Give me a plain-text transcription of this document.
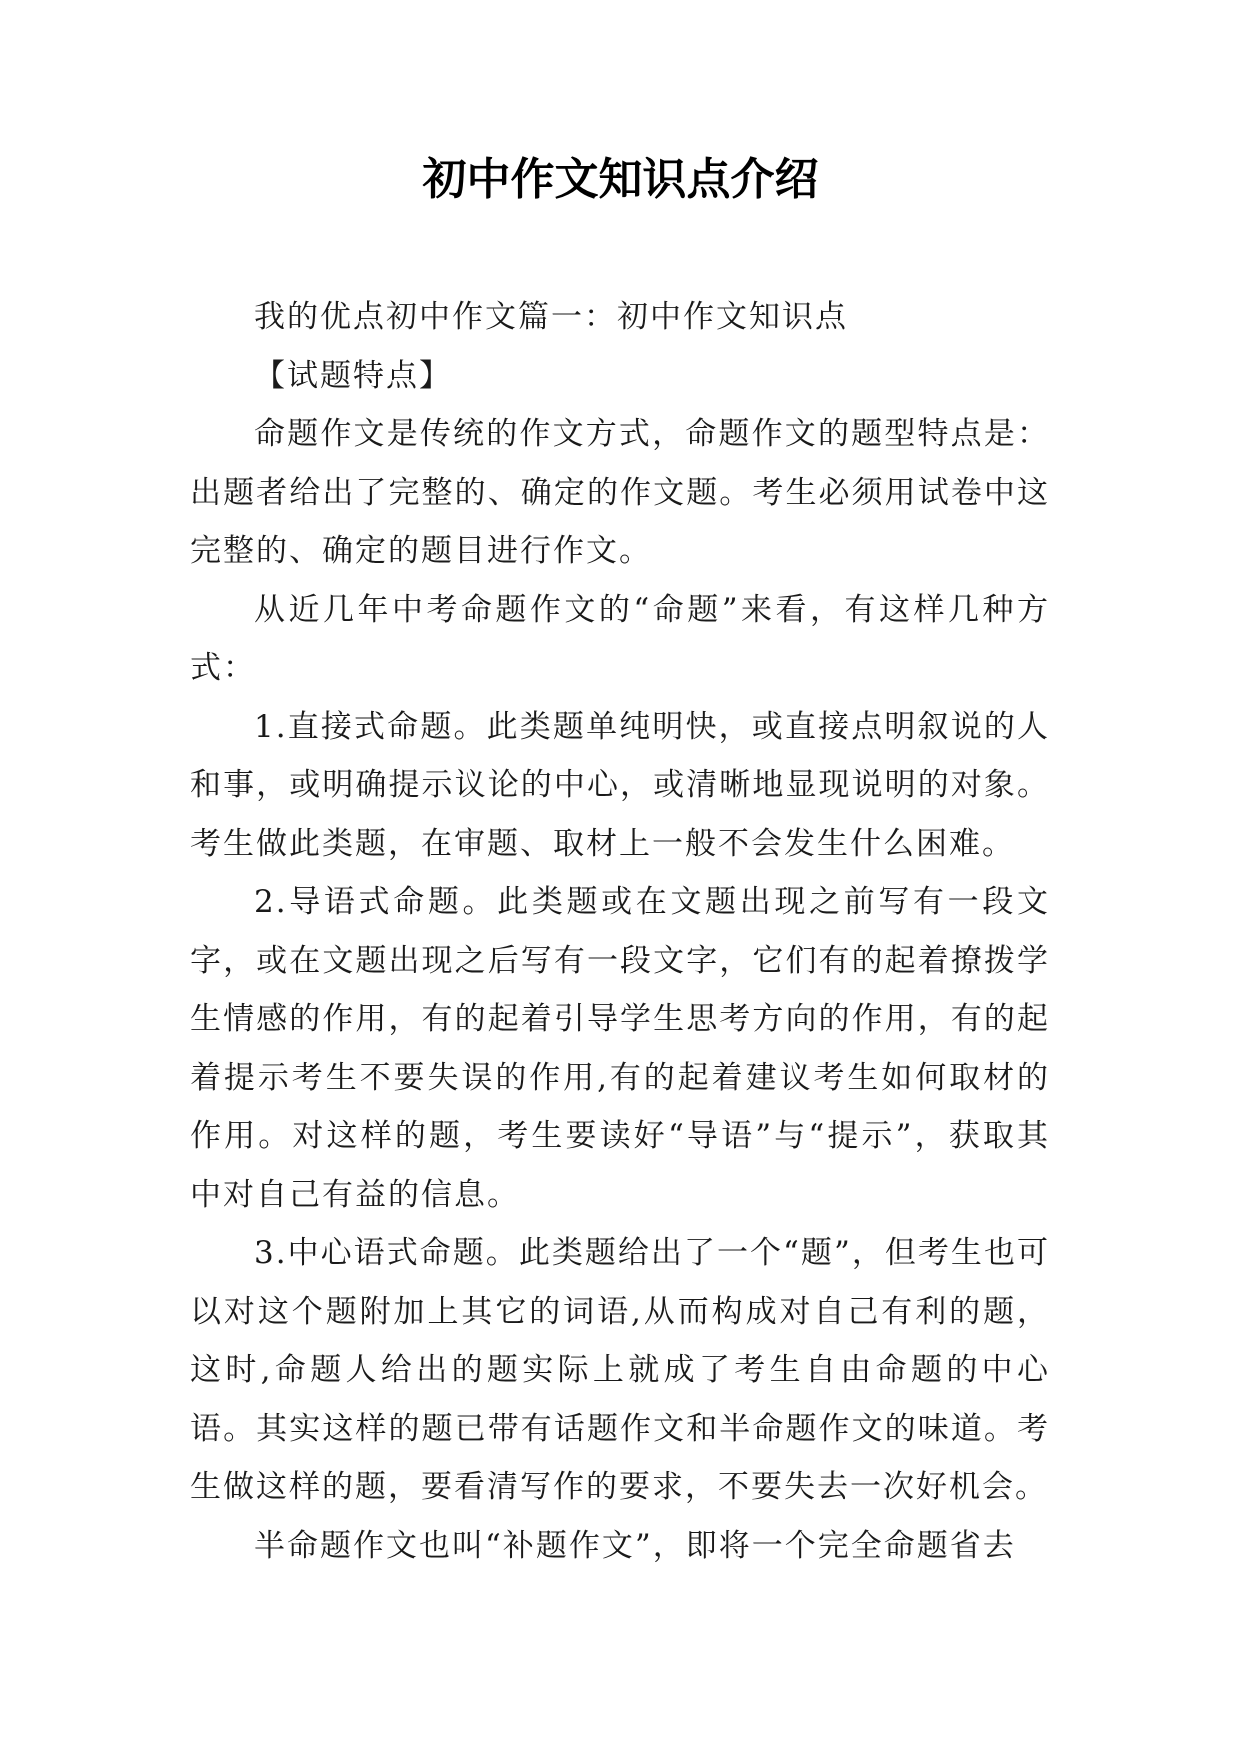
初中作文知识点介绍

我的优点初中作文篇一：初中作文知识点

【试题特点】

命题作文是传统的作文方式，命题作文的题型特点是：出题者给出了完整的、确定的作文题。考生必须用试卷中这完整的、确定的题目进行作文。

从近几年中考命题作文的“命题”来看，有这样几种方式：

1.直接式命题。此类题单纯明快，或直接点明叙说的人和事，或明确提示议论的中心，或清晰地显现说明的对象。考生做此类题，在审题、取材上一般不会发生什么困难。

2.导语式命题。此类题或在文题出现之前写有一段文字，或在文题出现之后写有一段文字，它们有的起着撩拨学生情感的作用，有的起着引导学生思考方向的作用，有的起着提示考生不要失误的作用,有的起着建议考生如何取材的作用。对这样的题，考生要读好“导语”与“提示”，获取其中对自己有益的信息。

3.中心语式命题。此类题给出了一个“题”，但考生也可以对这个题附加上其它的词语,从而构成对自己有利的题，这时,命题人给出的题实际上就成了考生自由命题的中心语。其实这样的题已带有话题作文和半命题作文的味道。考生做这样的题，要看清写作的要求，不要失去一次好机会。

半命题作文也叫“补题作文”，即将一个完全命题省去
